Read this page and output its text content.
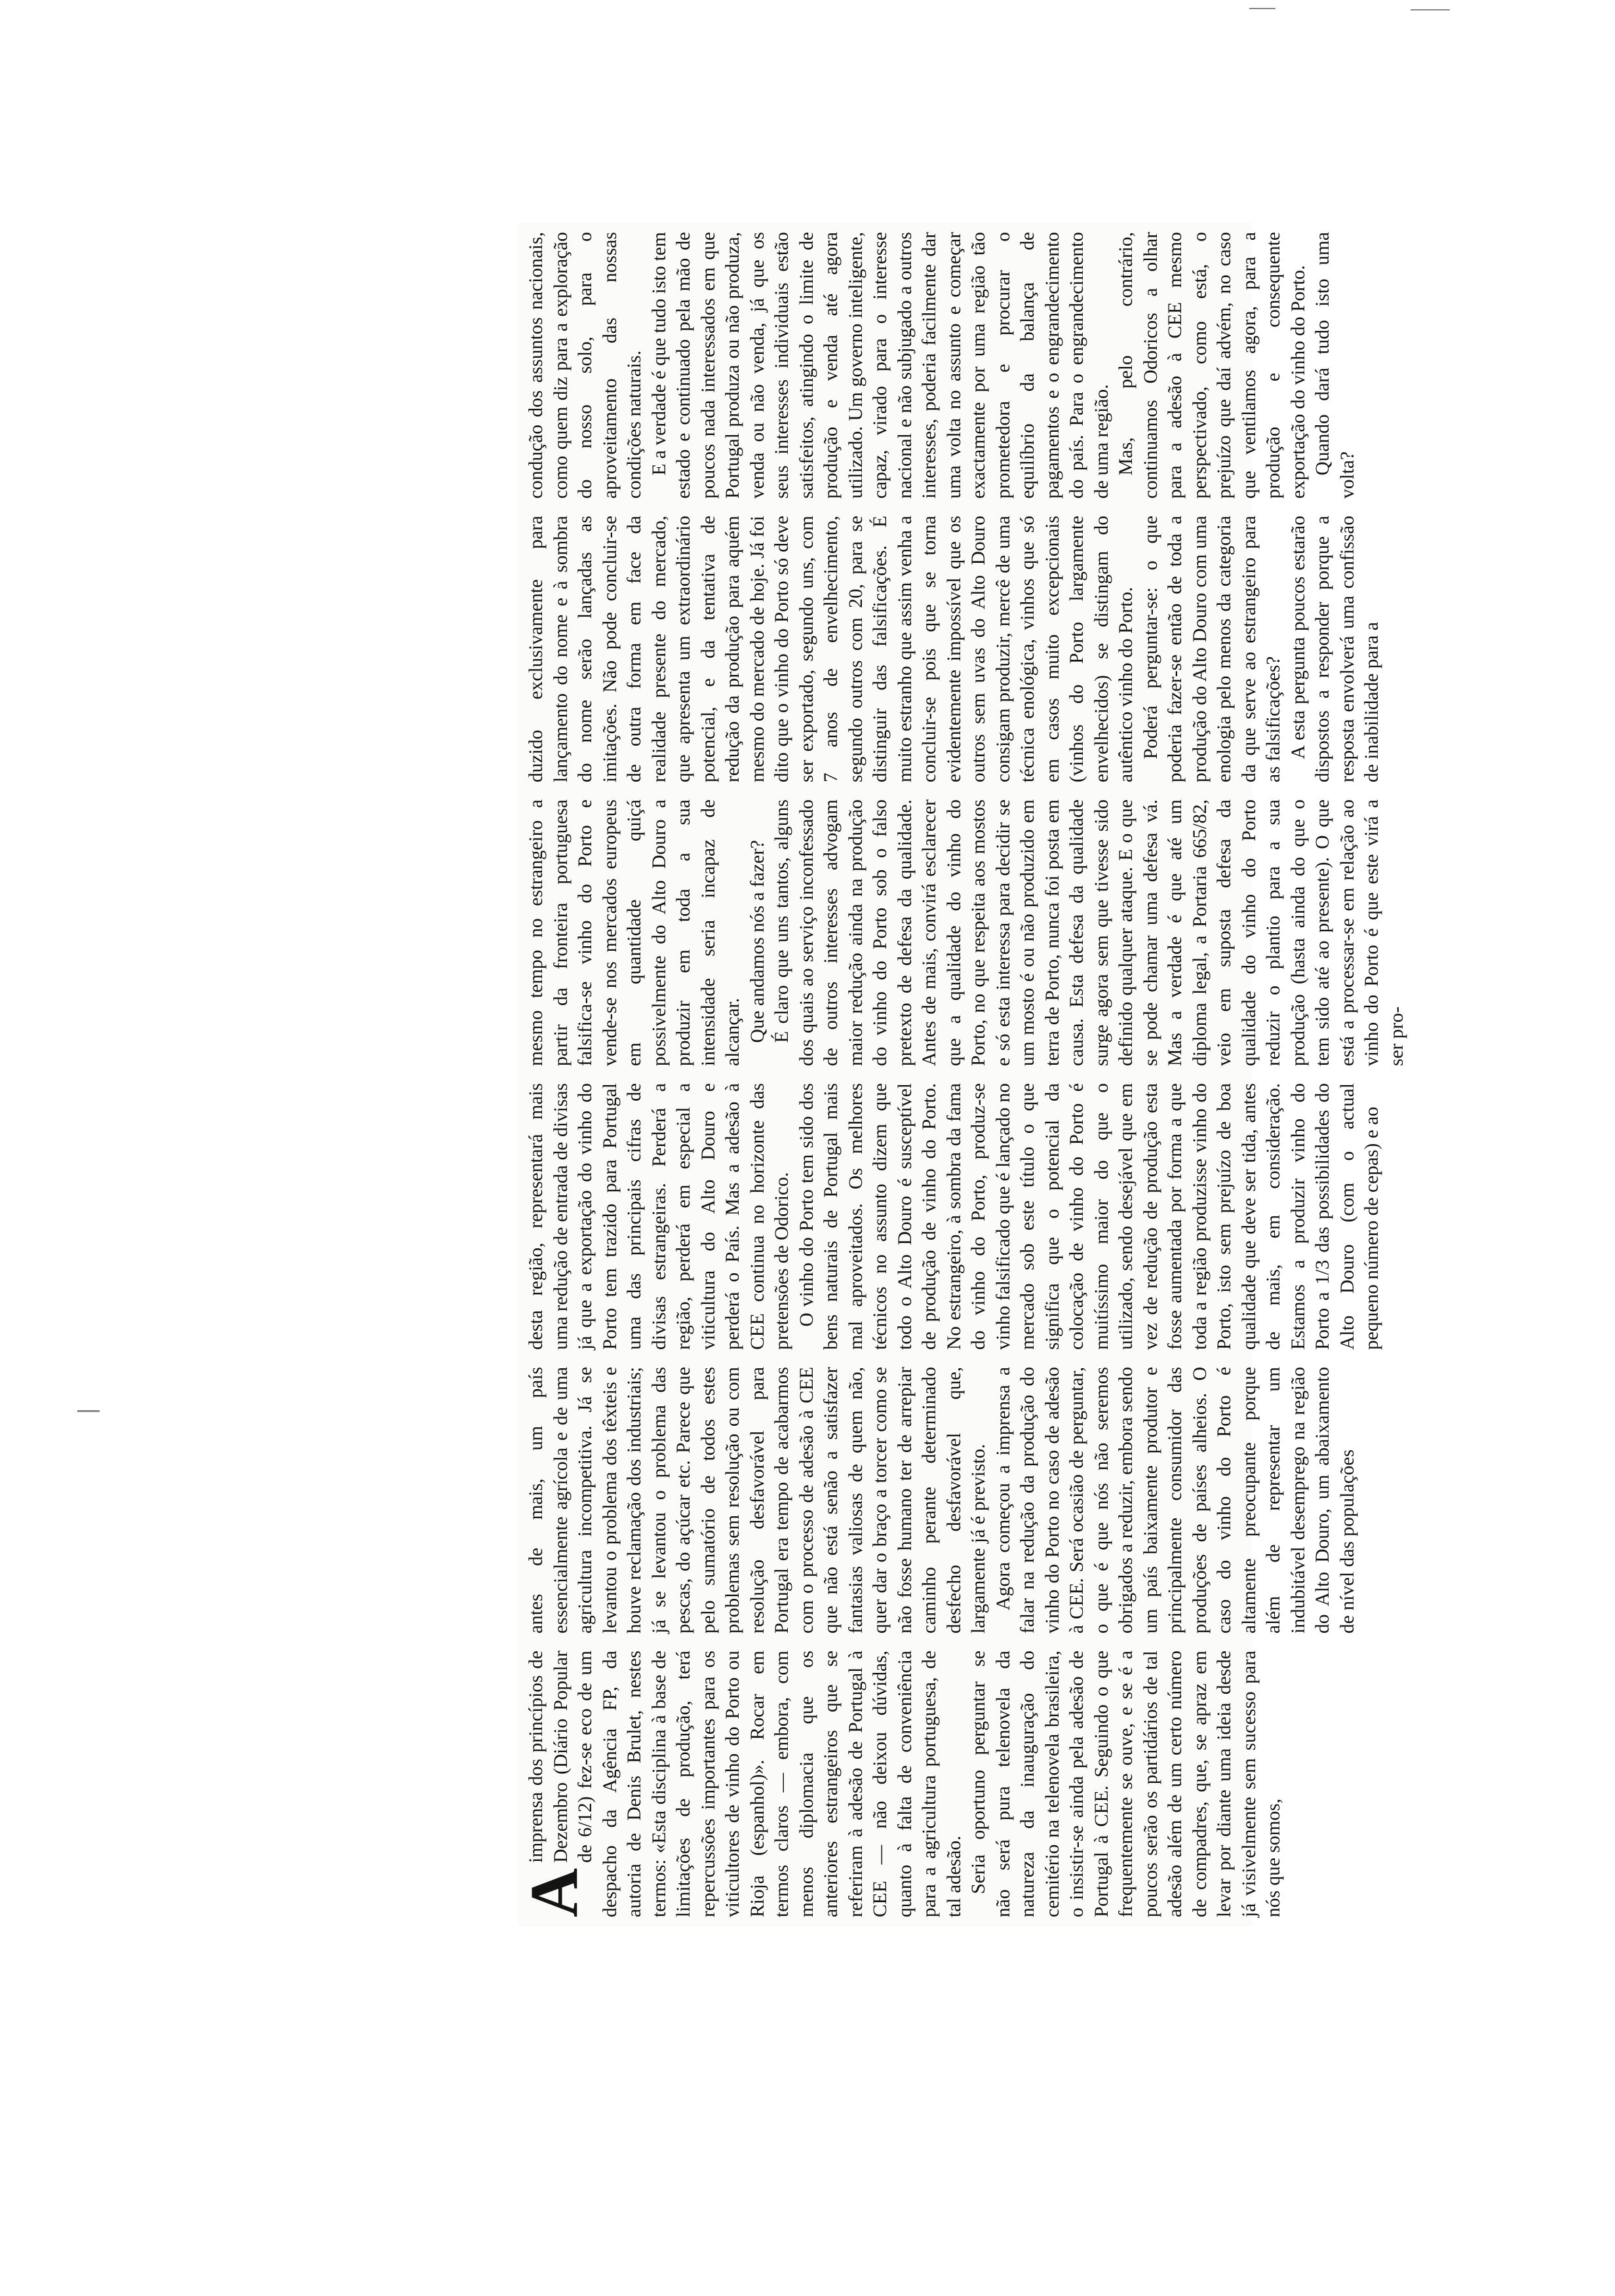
A
imprensa dos princípios de Dezembro (Diário Popular de 6/12) fez-se eco de um despacho da Agência FP, da autoria de Denis Brulet, nestes termos: «Esta disciplina à base de limitações de produção, terá repercussões importantes para os viticultores de vinho do Porto ou Rioja (espanhol)». Rocar em termos claros — embora, com menos diplomacia que os anteriores estrangeiros que se referiram à adesão de Portugal à CEE — não deixou dúvidas, quanto à falta de conveniência para a agricultura portuguesa, de tal adesão. Seria oportuno perguntar se não será pura telenovela da natureza da inauguração do cemitério na telenovela brasileira, o insistir-se ainda pela adesão de Portugal à CEE. Seguindo o que frequentemente se ouve, e se é a poucos serão os partidários de tal adesão além de um certo número de compadres, que, se apraz em levar por diante uma ideia desde já visivelmente sem sucesso para nós que somos,

antes de mais, um país essencialmente agrícola e de uma agricultura incompetitiva. Já se levantou o problema dos têxteis e houve reclamação dos industriais; já se levantou o problema das pescas, do açúcar etc. Parece que pelo sumatório de todos estes problemas sem resolução ou com resolução desfavorável para Portugal era tempo de acabarmos com o processo de adesão à CEE que não está senão a satisfazer fantasias valiosas de quem não, quer dar o braço a torcer como se não fosse humano ter de arrepiar caminho perante determinado desfecho desfavorável que, largamente já é previsto. Agora começou a imprensa a falar na redução da produção do vinho do Porto no caso de adesão à CEE. Será ocasião de perguntar, o que é que nós não seremos obrigados a reduzir, embora sendo um país baixamente produtor e principalmente consumidor das produções de países alheios. O caso do vinho do Porto é altamente preocupante porque além de representar um indubitável desemprego na região do Alto Douro, um abaixamento de nível das populações

desta região, representará mais uma redução de entrada de divisas já que a exportação do vinho do Porto tem trazido para Portugal uma das principais cifras de divisas estrangeiras. Perderá a região, perderá em especial a viticultura do Alto Douro e perderá o País. Mas a adesão à CEE continua no horizonte das pretensões de Odorico. O vinho do Porto tem sido dos bens naturais de Portugal mais mal aproveitados. Os melhores técnicos no assunto dizem que todo o Alto Douro é susceptível de produção de vinho do Porto. No estrangeiro, à sombra da fama do vinho do Porto, produz-se vinho falsificado que é lançado no mercado sob este título o que significa que o potencial da colocação de vinho do Porto é muitíssimo maior do que o utilizado, sendo desejável que em vez de redução de produção esta fosse aumentada por forma a que toda a região produzisse vinho do Porto, isto sem prejuízo de boa qualidade que deve ser tida, antes de mais, em consideração. Estamos a produzir vinho do Porto a 1/3 das possibilidades do Alto Douro (com o actual pequeno número de cepas) e ao

mesmo tempo no estrangeiro a partir da fronteira portuguesa falsifica-se vinho do Porto e vende-se nos mercados europeus em quantidade quiçá possivelmente do Alto Douro a produzir em toda a sua intensidade seria incapaz de alcançar. Que andamos nós a fazer? É claro que uns tantos, alguns dos quais ao serviço inconfessado de outros interesses advogam maior redução ainda na produção do vinho do Porto sob o falso pretexto de defesa da qualidade. Antes de mais, convirá esclarecer que a qualidade do vinho do Porto, no que respeita aos mostos e só esta interessa para decidir se um mosto é ou não produzido em terra de Porto, nunca foi posta em causa. Esta defesa da qualidade surge agora sem que tivesse sido definido qualquer ataque. E o que se pode chamar uma defesa vá. Mas a verdade é que até um diploma legal, a Portaria 665/82, veio em suposta defesa da qualidade do vinho do Porto reduzir o plantio para a sua produção (hasta ainda do que o tem sido até ao presente). O que está a processar-se em relação ao vinho do Porto é que este virá a ser pro-

duzido exclusivamente para lançamento do nome e à sombra do nome serão lançadas as imitações. Não pode concluir-se de outra forma em face da realidade presente do mercado, que apresenta um extraordinário potencial, e da tentativa de redução da produção para aquém mesmo do mercado de hoje. Já foi dito que o vinho do Porto só deve ser exportado, segundo uns, com 7 anos de envelhecimento, segundo outros com 20, para se distinguir das falsificações. É muito estranho que assim venha a concluir-se pois que se torna evidentemente impossível que os outros sem uvas do Alto Douro consigam produzir, mercê de uma técnica enológica, vinhos que só em casos muito excepcionais (vinhos do Porto largamente envelhecidos) se distingam do autêntico vinho do Porto. Poderá perguntar-se: o que poderia fazer-se então de toda a produção do Alto Douro com uma enologia pelo menos da categoria da que serve ao estrangeiro para as falsificações? A esta pergunta poucos estarão dispostos a responder porque a resposta envolverá uma confissão de inabilidade para a

condução dos assuntos nacionais, como quem diz para a exploração do nosso solo, para o aproveitamento das nossas condições naturais. E a verdade é que tudo isto tem estado e continuado pela mão de poucos nada interessados em que Portugal produza ou não produza, venda ou não venda, já que os seus interesses individuais estão satisfeitos, atingindo o limite de produção e venda até agora utilizado. Um governo inteligente, capaz, virado para o interesse nacional e não subjugado a outros interesses, poderia facilmente dar uma volta no assunto e começar exactamente por uma região tão prometedora e procurar o equilíbrio da balança de pagamentos e o engrandecimento do país. Para o engrandecimento de uma região. Mas, pelo contrário, continuamos Odoricos a olhar para a adesão à CEE mesmo perspectivado, como está, o prejuízo que daí advém, no caso que ventilamos agora, para a produção e consequente exportação do vinho do Porto. Quando dará tudo isto uma volta?
